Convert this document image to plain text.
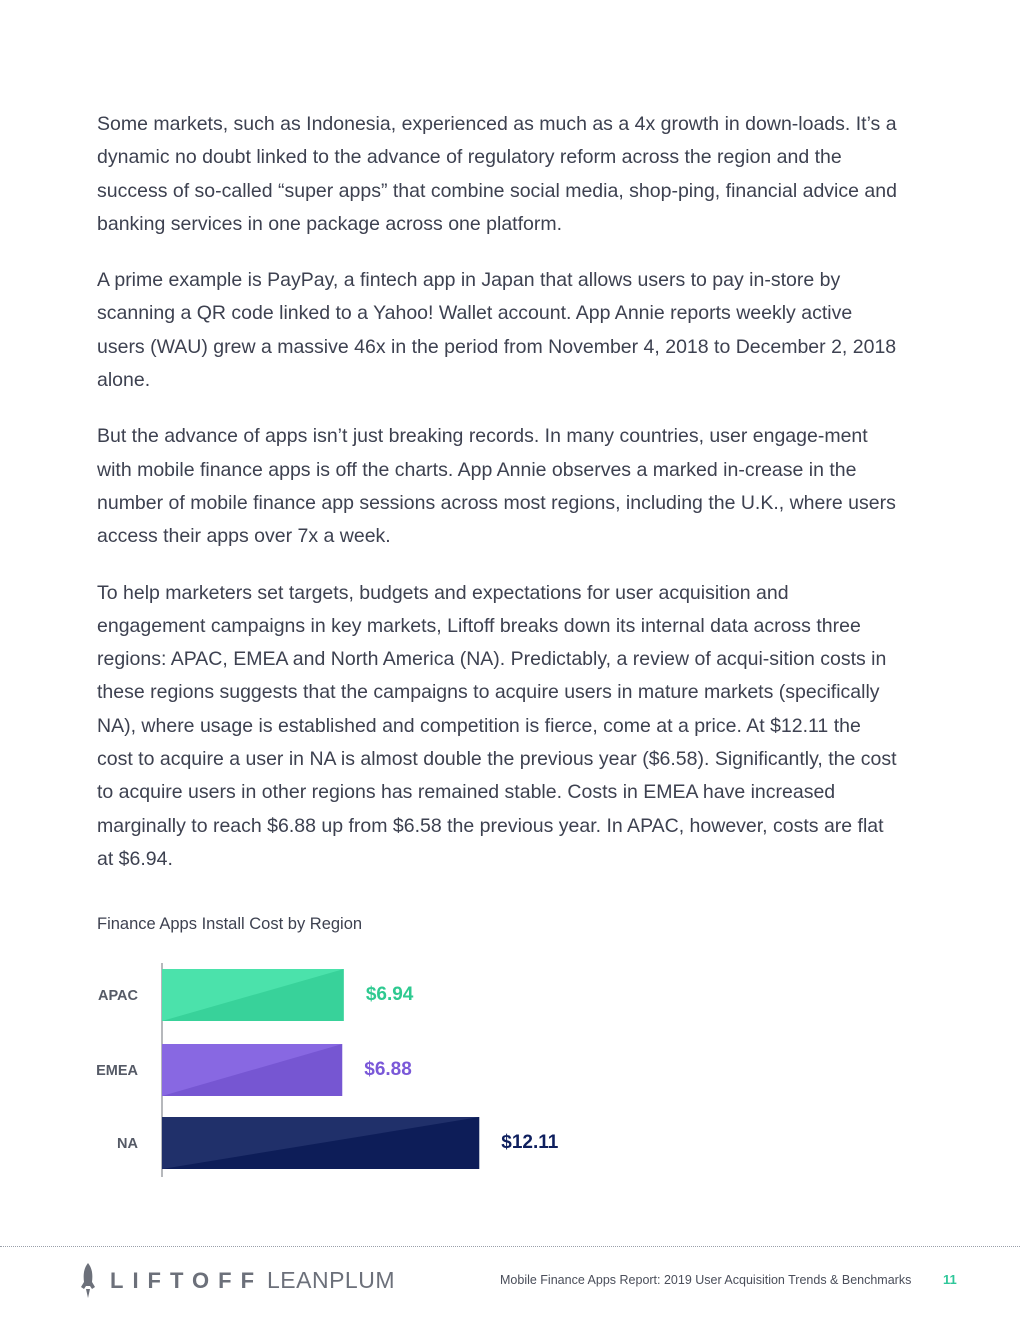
Some markets, such as Indonesia, experienced as much as a 4x growth in down-loads. It’s a dynamic no doubt linked to the advance of regulatory reform across the region and the success of so-called “super apps” that combine social media, shop-ping, financial advice and banking services in one package across one platform.

A prime example is PayPay, a fintech app in Japan that allows users to pay in-store by scanning a QR code linked to a Yahoo! Wallet account. App Annie reports weekly active users (WAU) grew a massive 46x in the period from November 4, 2018 to December 2, 2018 alone.

But the advance of apps isn’t just breaking records. In many countries, user engage-ment with mobile finance apps is off the charts. App Annie observes a marked in-crease in the number of mobile finance app sessions across most regions, including the U.K., where users access their apps over 7x a week.

To help marketers set targets, budgets and expectations for user acquisition and engagement campaigns in key markets, Liftoff breaks down its internal data across three regions: APAC, EMEA and North America (NA). Predictably, a review of acqui-sition costs in these regions suggests that the campaigns to acquire users in mature markets (specifically NA), where usage is established and competition is fierce, come at a price. At $12.11 the cost to acquire a user in NA is almost double the previous year ($6.58). Significantly, the cost to acquire users in other regions has remained stable. Costs in EMEA have increased marginally to reach $6.88 up from $6.58 the previous year. In APAC, however, costs are flat at $6.94.

Finance Apps Install Cost by Region
APAC	$6.94
EMEA	$6.88
NA	$12.11
LIFTOFF LEANPLUM	Mobile Finance Apps Report: 2019 User Acquisition Trends & Benchmarks 11
